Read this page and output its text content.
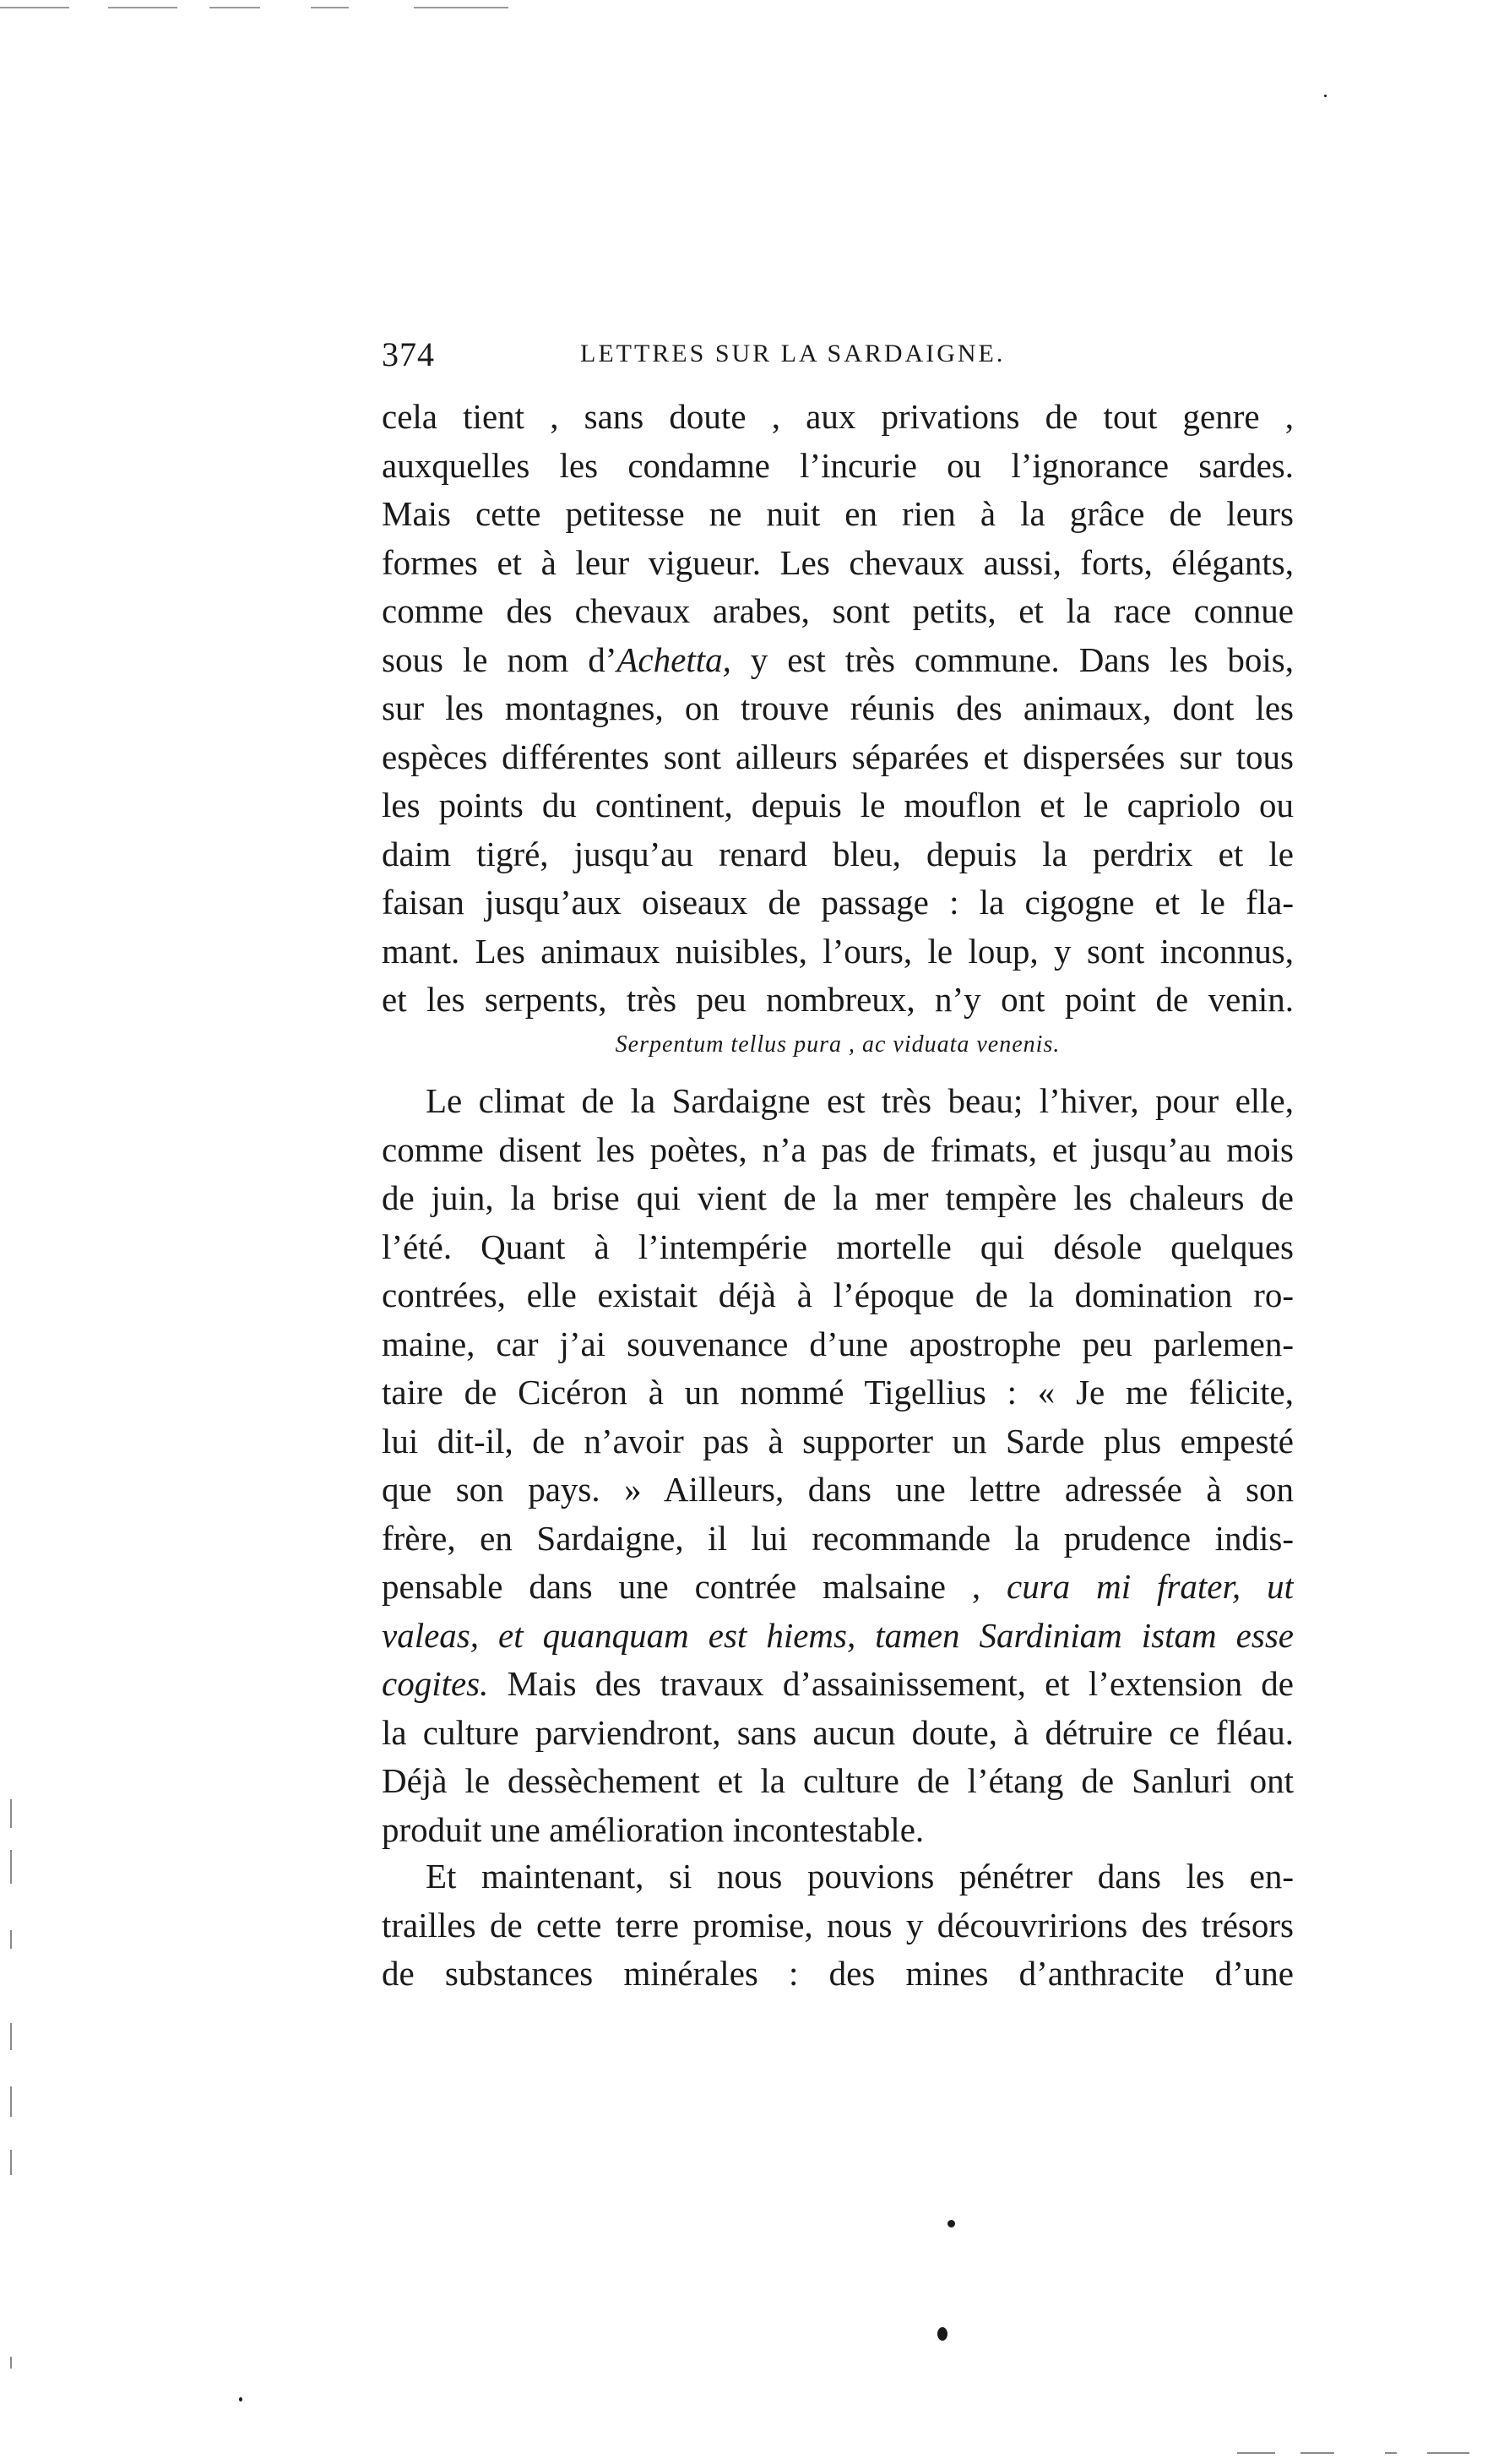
374	LETTRES SUR LA SARDAIGNE.
cela tient , sans doute , aux privations de tout genre ,
auxquelles les condamne l’incurie ou l’ignorance sardes.
Mais cette petitesse ne nuit en rien à la grâce de leurs
formes et à leur vigueur. Les chevaux aussi, forts, élégants,
comme des chevaux arabes, sont petits, et la race connue
sous le nom d’Achetta, y est très commune. Dans les bois,
sur les montagnes, on trouve réunis des animaux, dont les
espèces différentes sont ailleurs séparées et dispersées sur tous
les points du continent, depuis le mouflon et le capriolo ou
daim tigré, jusqu’au renard bleu, depuis la perdrix et le
faisan jusqu’aux oiseaux de passage : la cigogne et le fla-
mant. Les animaux nuisibles, l’ours, le loup, y sont inconnus,
et les serpents, très peu nombreux, n’y ont point de venin.
Serpentum tellus pura , ac viduata venenis.
Le climat de la Sardaigne est très beau; l’hiver, pour elle,
comme disent les poètes, n’a pas de frimats, et jusqu’au mois
de juin, la brise qui vient de la mer tempère les chaleurs de
l’été. Quant à l’intempérie mortelle qui désole quelques
contrées, elle existait déjà à l’époque de la domination ro-
maine, car j’ai souvenance d’une apostrophe peu parlemen-
taire de Cicéron à un nommé Tigellius : « Je me félicite,
lui dit-il, de n’avoir pas à supporter un Sarde plus empesté
que son pays. » Ailleurs, dans une lettre adressée à son
frère, en Sardaigne, il lui recommande la prudence indis-
pensable dans une contrée malsaine , cura mi frater, ut
valeas, et quanquam est hiems, tamen Sardiniam istam esse
cogites. Mais des travaux d’assainissement, et l’extension de
la culture parviendront, sans aucun doute, à détruire ce fléau.
Déjà le dessèchement et la culture de l’étang de Sanluri ont
produit une amélioration incontestable.
Et maintenant, si nous pouvions pénétrer dans les en-
trailles de cette terre promise, nous y découvririons des trésors
de substances minérales : des mines d’anthracite d’une
